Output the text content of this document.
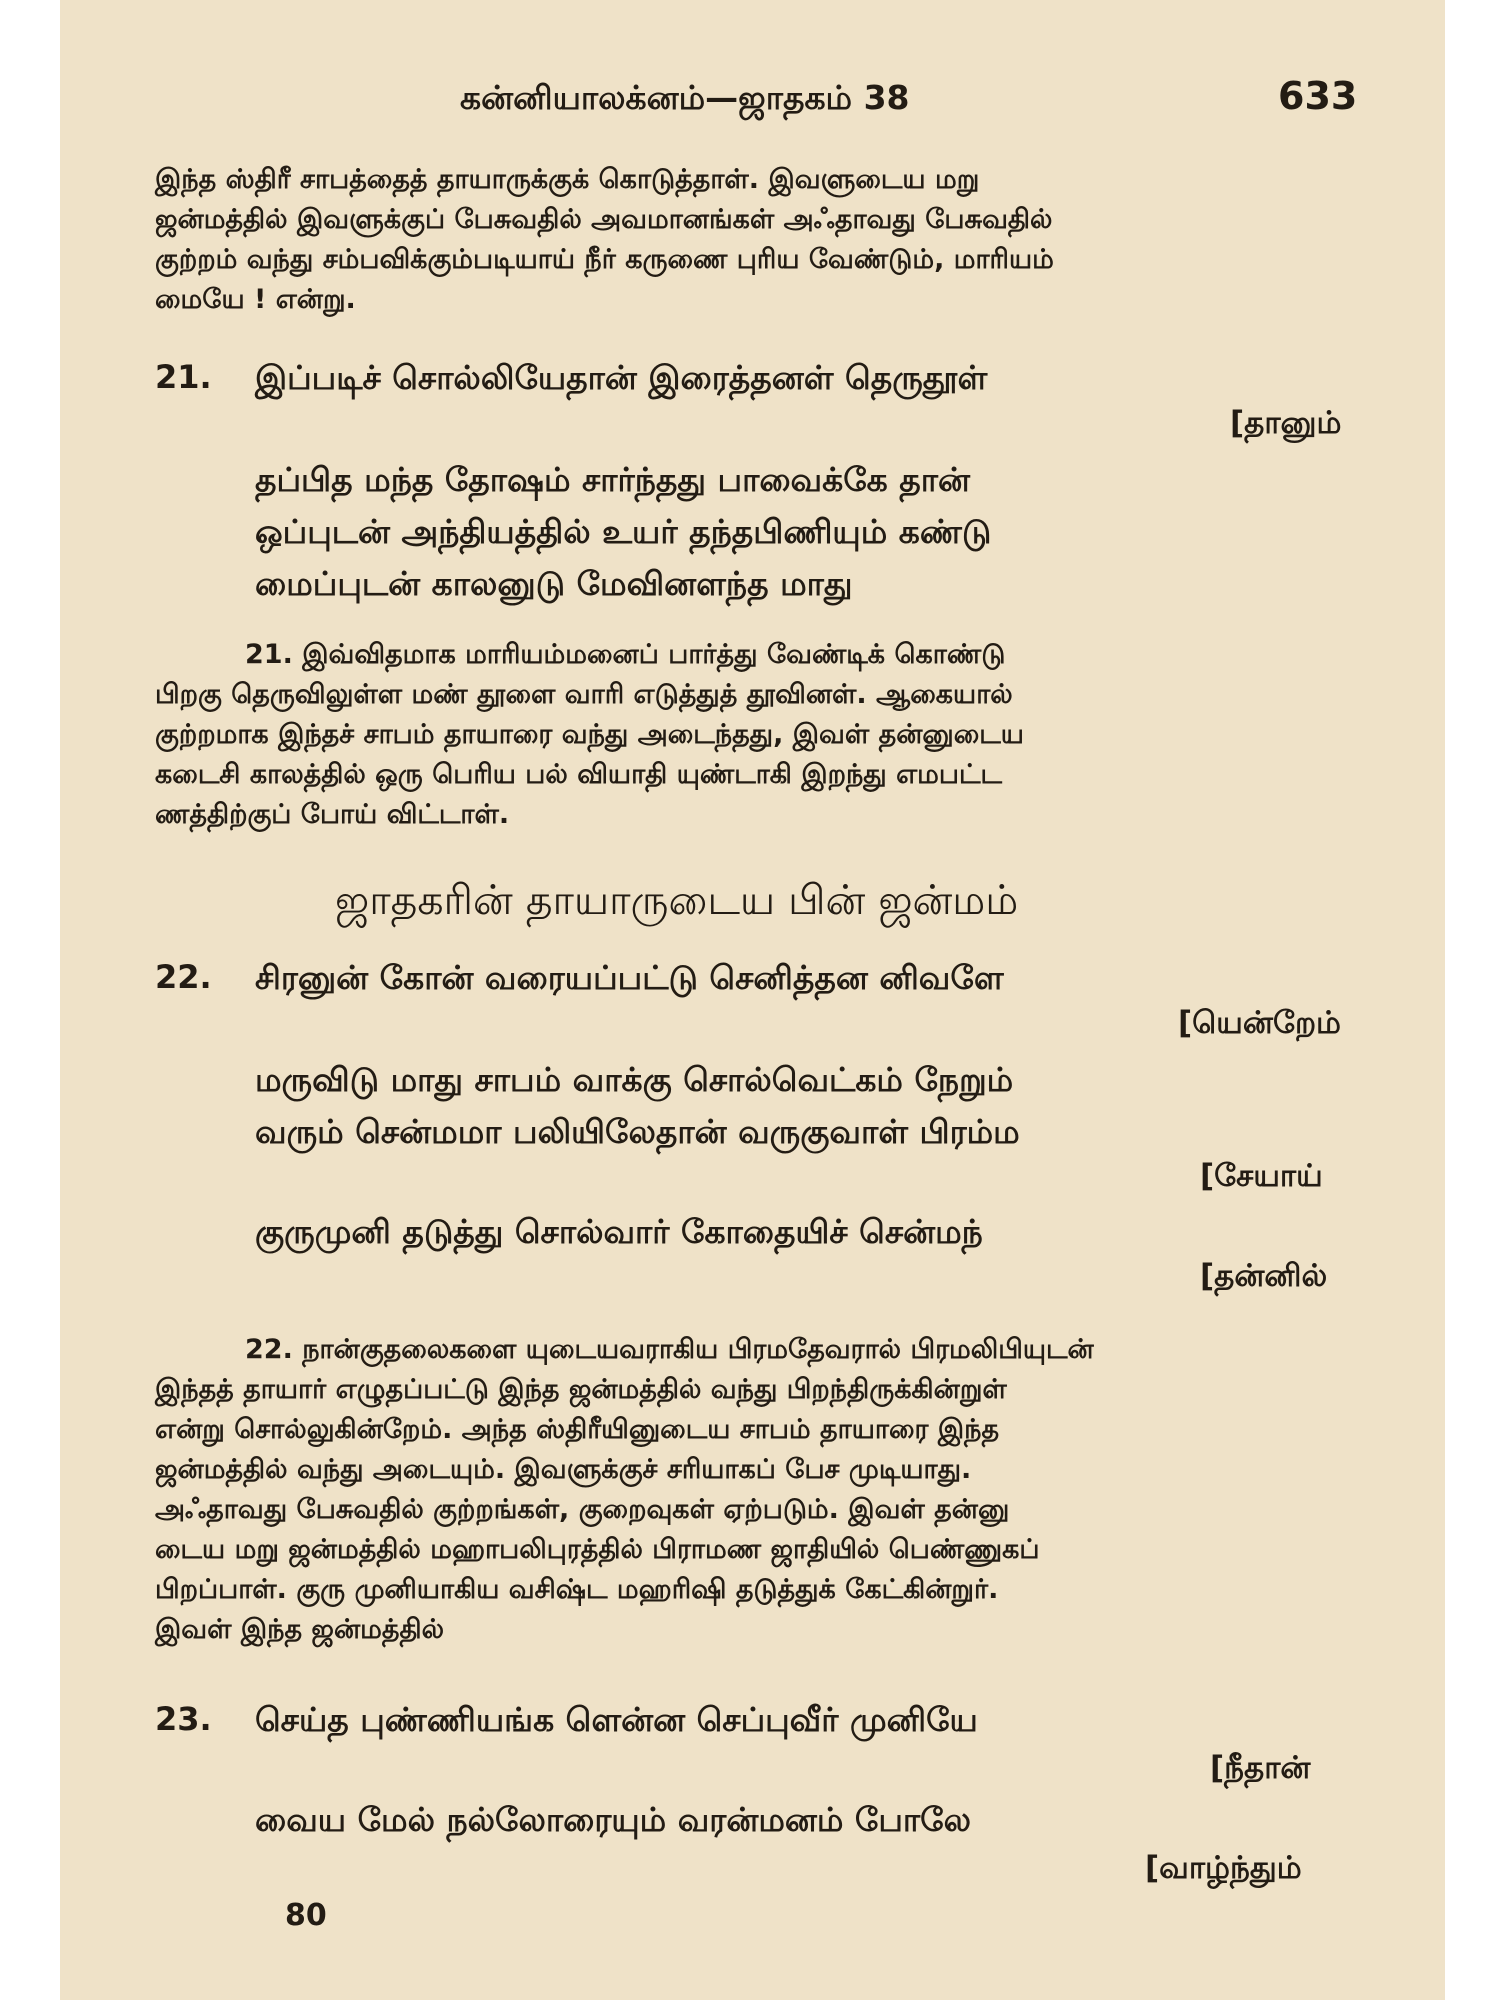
கன்னியாலக்னம்—ஜாதகம் 38	633
இந்த ஸ்திரீ சாபத்தைத் தாயாருக்குக் கொடுத்தாள். இவளுடைய மறு
ஜன்மத்தில் இவளுக்குப் பேசுவதில் அவமானங்கள் அஃதாவது பேசுவதில்
குற்றம் வந்து சம்பவிக்கும்படியாய் நீர் கருணை புரிய வேண்டும், மாரியம்
மையே ! என்று.
21. இப்படிச் சொல்லியேதான் இரைத்தனள் தெருதூள்
[தானும்
தப்பித மந்த தோஷம் சார்ந்தது பாவைக்கே தான்
ஒப்புடன் அந்தியத்தில் உயர் தந்தபிணியும் கண்டு
மைப்புடன் காலனுடு மேவினளந்த மாது
21. இவ்விதமாக மாரியம்மனைப் பார்த்து வேண்டிக் கொண்டு
பிறகு தெருவிலுள்ள மண் தூளை வாரி எடுத்துத் தூவினள். ஆகையால்
குற்றமாக இந்தச் சாபம் தாயாரை வந்து அடைந்தது, இவள் தன்னுடைய
கடைசி காலத்தில் ஒரு பெரிய பல் வியாதி யுண்டாகி இறந்து எமபட்ட
ணத்திற்குப் போய் விட்டாள்.
ஜாதகரின் தாயாருடைய பின் ஜன்மம்
22. சிரனுன் கோன் வரையப்பட்டு செனித்தன னிவளே
[யென்றேம்
மருவிடு மாது சாபம் வாக்கு சொல்வெட்கம் நேறும்
வரும் சென்மமா பலியிலேதான் வருகுவாள் பிரம்ம
[சேயாய்
குருமுனி தடுத்து சொல்வார் கோதையிச் சென்மந்
[தன்னில்
22. நான்குதலைகளை யுடையவராகிய பிரமதேவரால் பிரமலிபியுடன்
இந்தத் தாயார் எழுதப்பட்டு இந்த ஜன்மத்தில் வந்து பிறந்திருக்கின்றுள்
என்று சொல்லுகின்றேம். அந்த ஸ்திரீயினுடைய சாபம் தாயாரை இந்த
ஜன்மத்தில் வந்து அடையும். இவளுக்குச் சரியாகப் பேச முடியாது.
அஃதாவது பேசுவதில் குற்றங்கள், குறைவுகள் ஏற்படும். இவள் தன்னு
டைய மறு ஜன்மத்தில் மஹாபலிபுரத்தில் பிராமண ஜாதியில் பெண்ணுகப்
பிறப்பாள். குரு முனியாகிய வசிஷ்ட மஹரிஷி தடுத்துக் கேட்கின்றுர்.
இவள் இந்த ஜன்மத்தில்
23. செய்த புண்ணியங்க ளென்ன செப்புவீர் முனியே
[நீதான்
வைய மேல் நல்லோரையும் வரன்மனம் போலே
[வாழ்ந்தும்
80
